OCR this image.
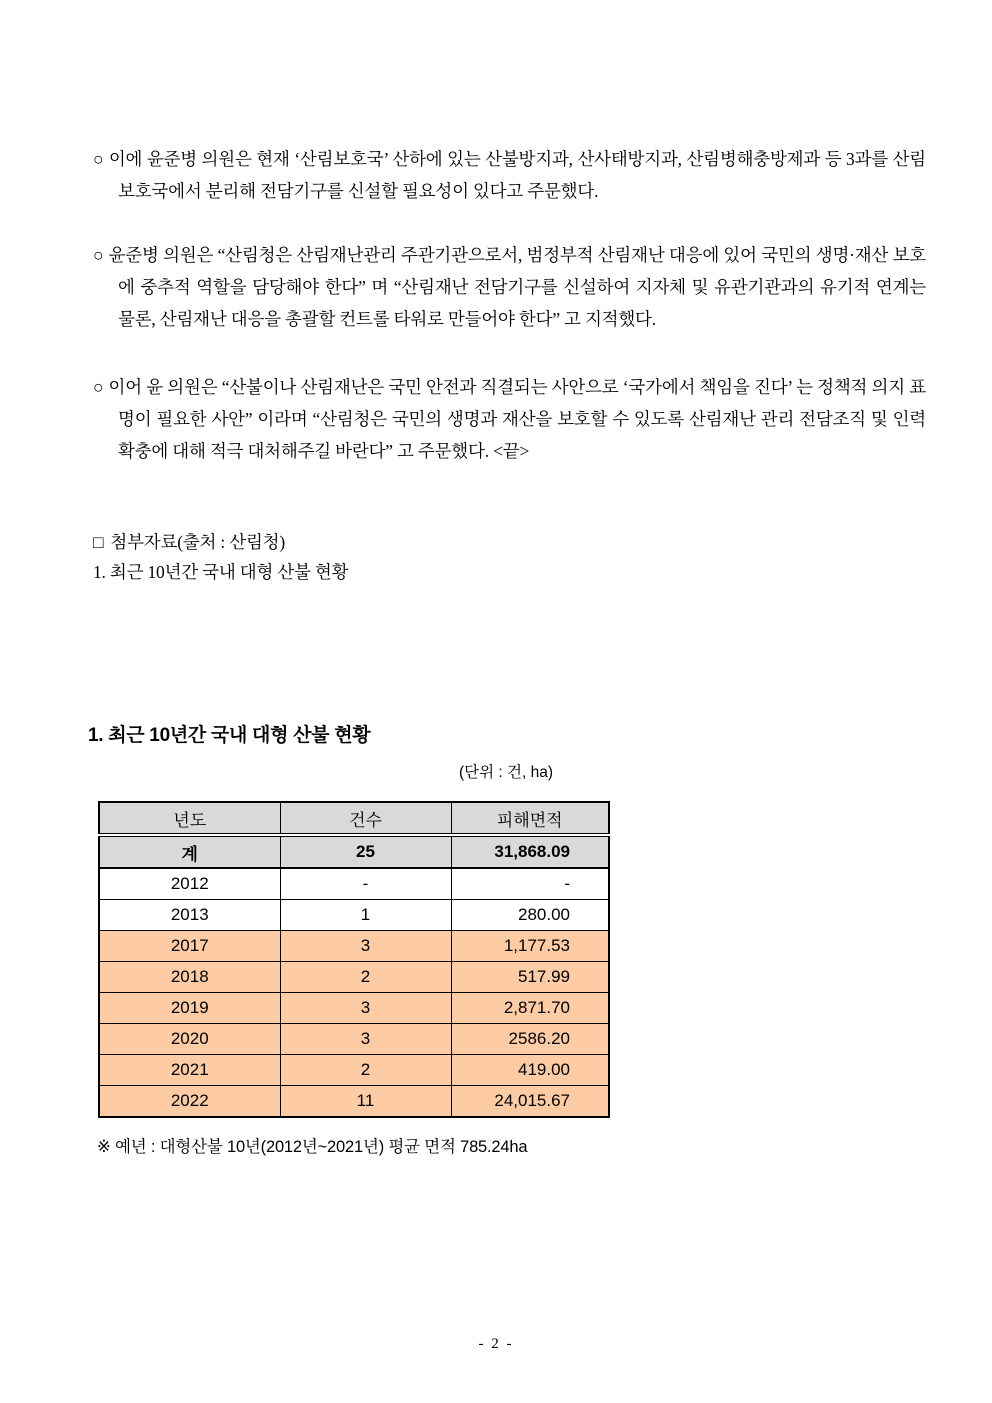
○ 이에 윤준병 의원은 현재 ‘산림보호국’ 산하에 있는 산불방지과, 산사태방지과, 산림병해충방제과 등 3과를 산림보호국에서 분리해 전담기구를 신설할 필요성이 있다고 주문했다.

○ 윤준병 의원은 “산림청은 산림재난관리 주관기관으로서, 범정부적 산림재난 대응에 있어 국민의 생명·재산 보호에 중추적 역할을 담당해야 한다” 며 “산림재난 전담기구를 신설하여 지자체 및 유관기관과의 유기적 연계는 물론, 산림재난 대응을 총괄할 컨트롤 타워로 만들어야 한다” 고 지적했다.

○ 이어 윤 의원은 “산불이나 산림재난은 국민 안전과 직결되는 사안으로 ‘국가에서 책임을 진다’ 는 정책적 의지 표명이 필요한 사안” 이라며 “산림청은 국민의 생명과 재산을 보호할 수 있도록 산림재난 관리 전담조직 및 인력 확충에 대해 적극 대처해주길 바란다” 고 주문했다. <끝>

□ 첨부자료(출처 : 산림청)

1. 최근 10년간 국내 대형 산불 현황

1. 최근 10년간 국내 대형 산불 현황
(단위 : 건, ha)
년도	건수	피해면적
계	25	31,868.09
2012	-	-
2013	1	280.00
2017	3	1,177.53
2018	2	517.99
2019	3	2,871.70
2020	3	2586.20
2021	2	419.00
2022	11	24,015.67
※ 예년 : 대형산불 10년(2012년~2021년) 평균 면적 785.24ha
- 2 -
